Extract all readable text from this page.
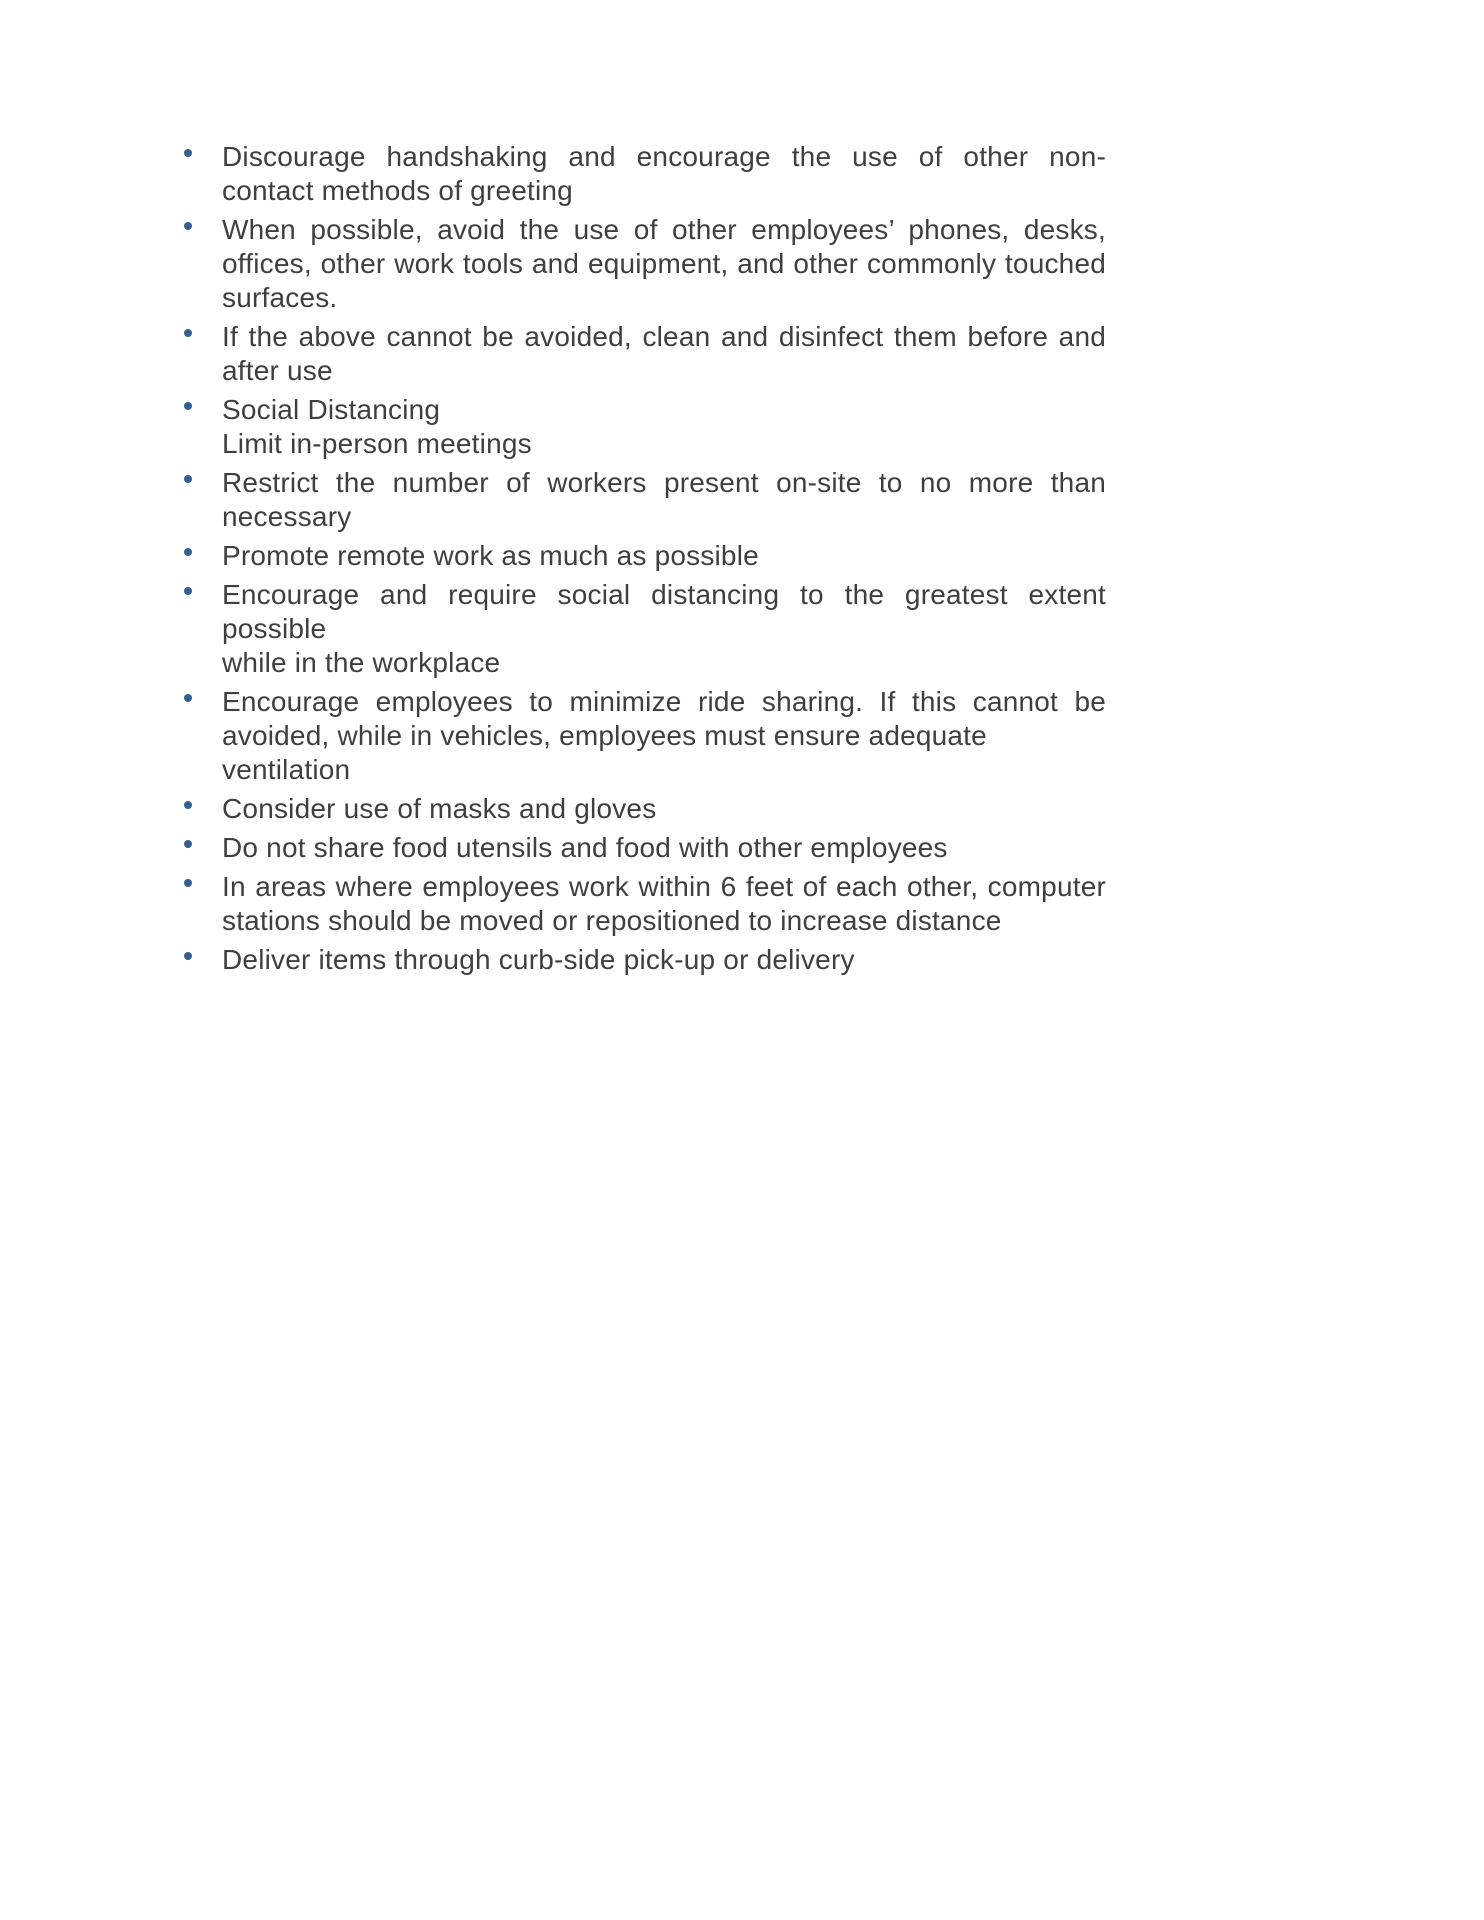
Discourage handshaking and encourage the use of other non-
contact methods of greeting
When possible, avoid the use of other employees’ phones, desks,
offices, other work tools and equipment, and other commonly touched
surfaces.
If the above cannot be avoided, clean and disinfect them before and
after use
Social Distancing
Limit in-person meetings
Restrict the number of workers present on-site to no more than
necessary
Promote remote work as much as possible
Encourage and require social distancing to the greatest extent possible
while in the workplace
Encourage employees to minimize ride sharing. If this cannot be
avoided, while in vehicles, employees must ensure adequate ventilation
Consider use of masks and gloves
Do not share food utensils and food with other employees
In areas where employees work within 6 feet of each other, computer
stations should be moved or repositioned to increase distance
Deliver items through curb-side pick-up or delivery
